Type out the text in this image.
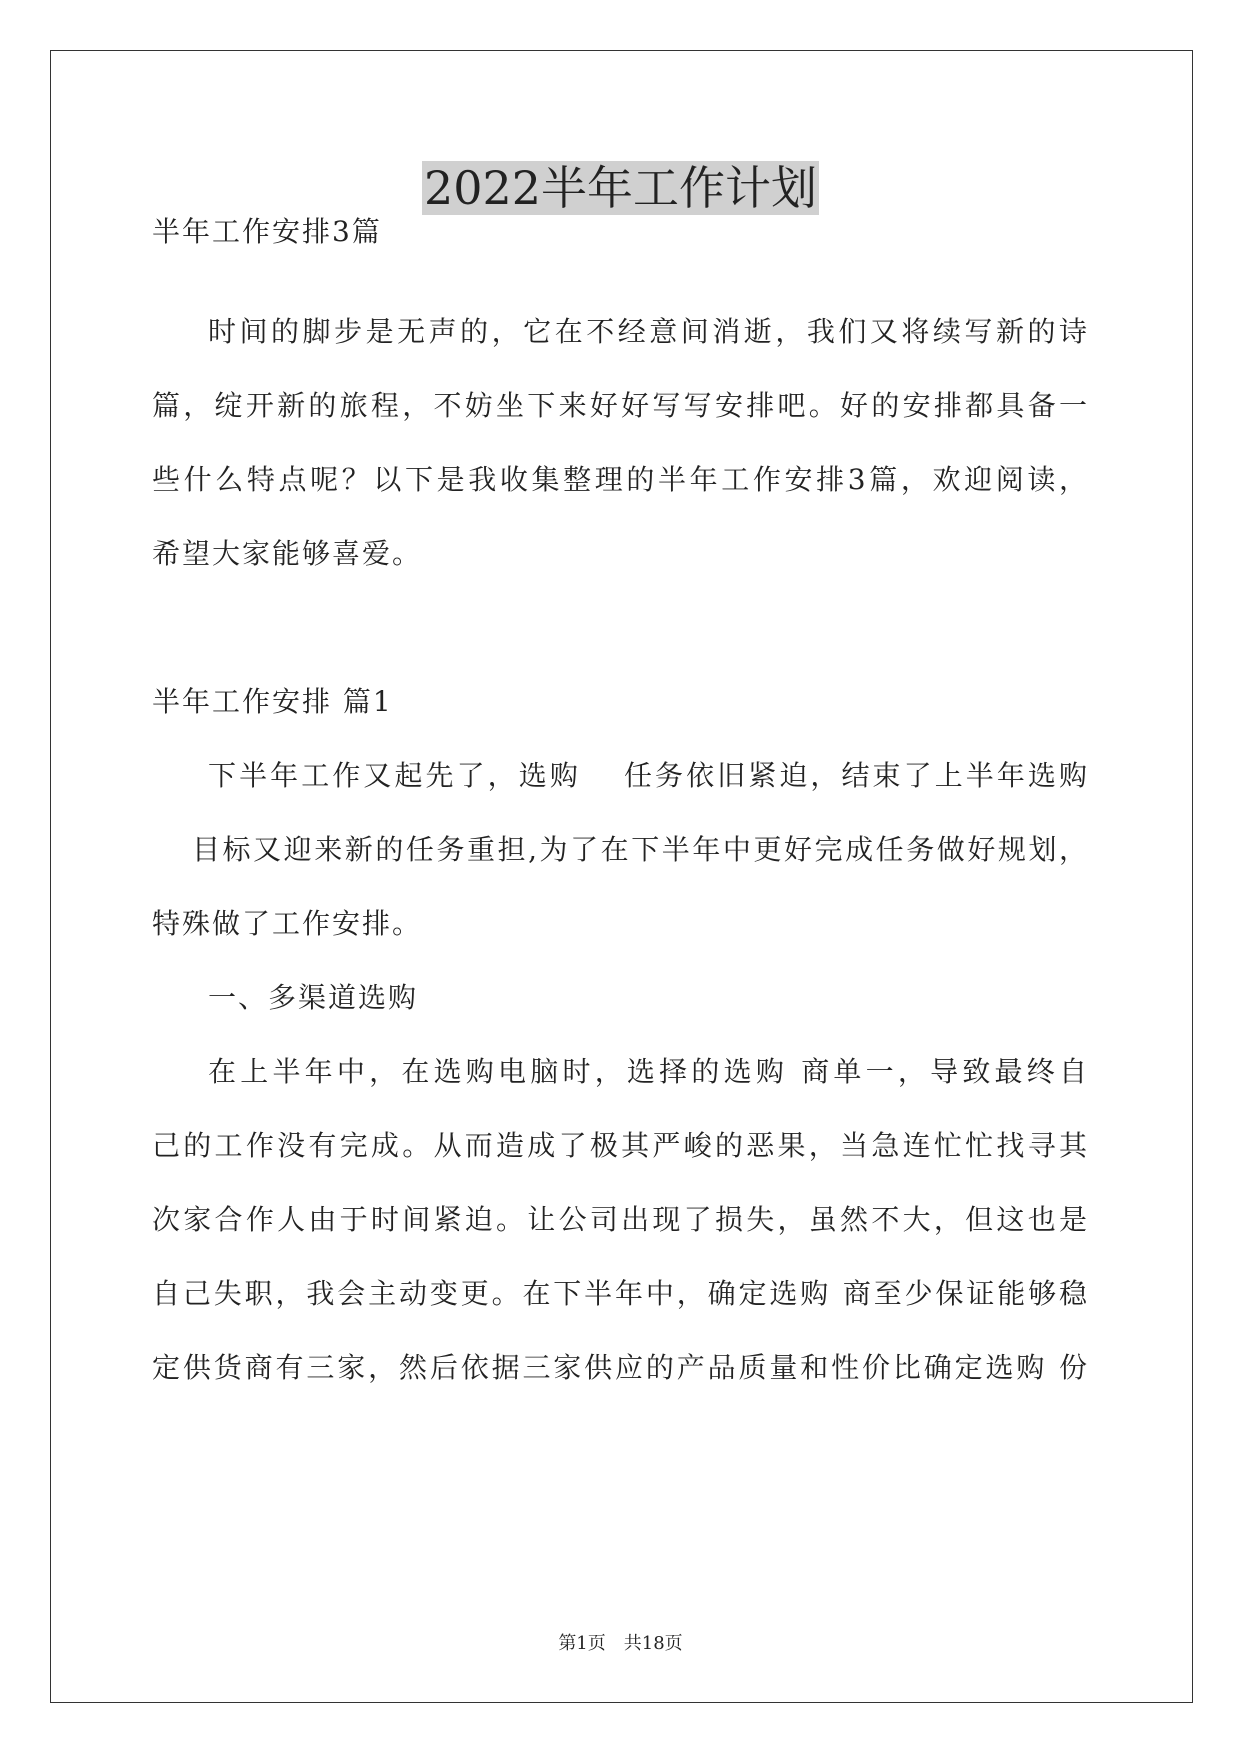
2022半年工作计划
半年工作安排3篇
时间的脚步是无声的，它在不经意间消逝，我们又将续写新的诗
篇，绽开新的旅程，不妨坐下来好好写写安排吧。好的安排都具备一
些什么特点呢？以下是我收集整理的半年工作安排3篇，欢迎阅读，
希望大家能够喜爱。
半年工作安排 篇1
下半年工作又起先了，选购　 任务依旧紧迫，结束了上半年选购
目标又迎来新的任务重担,为了在下半年中更好完成任务做好规划，
特殊做了工作安排。
一、多渠道选购
在上半年中，在选购电脑时，选择的选购 商单一，导致最终自
己的工作没有完成。从而造成了极其严峻的恶果，当急连忙忙找寻其
次家合作人由于时间紧迫。让公司出现了损失，虽然不大，但这也是
自己失职，我会主动变更。在下半年中，确定选购 商至少保证能够稳
定供货商有三家，然后依据三家供应的产品质量和性价比确定选购 份
第1页 共18页
